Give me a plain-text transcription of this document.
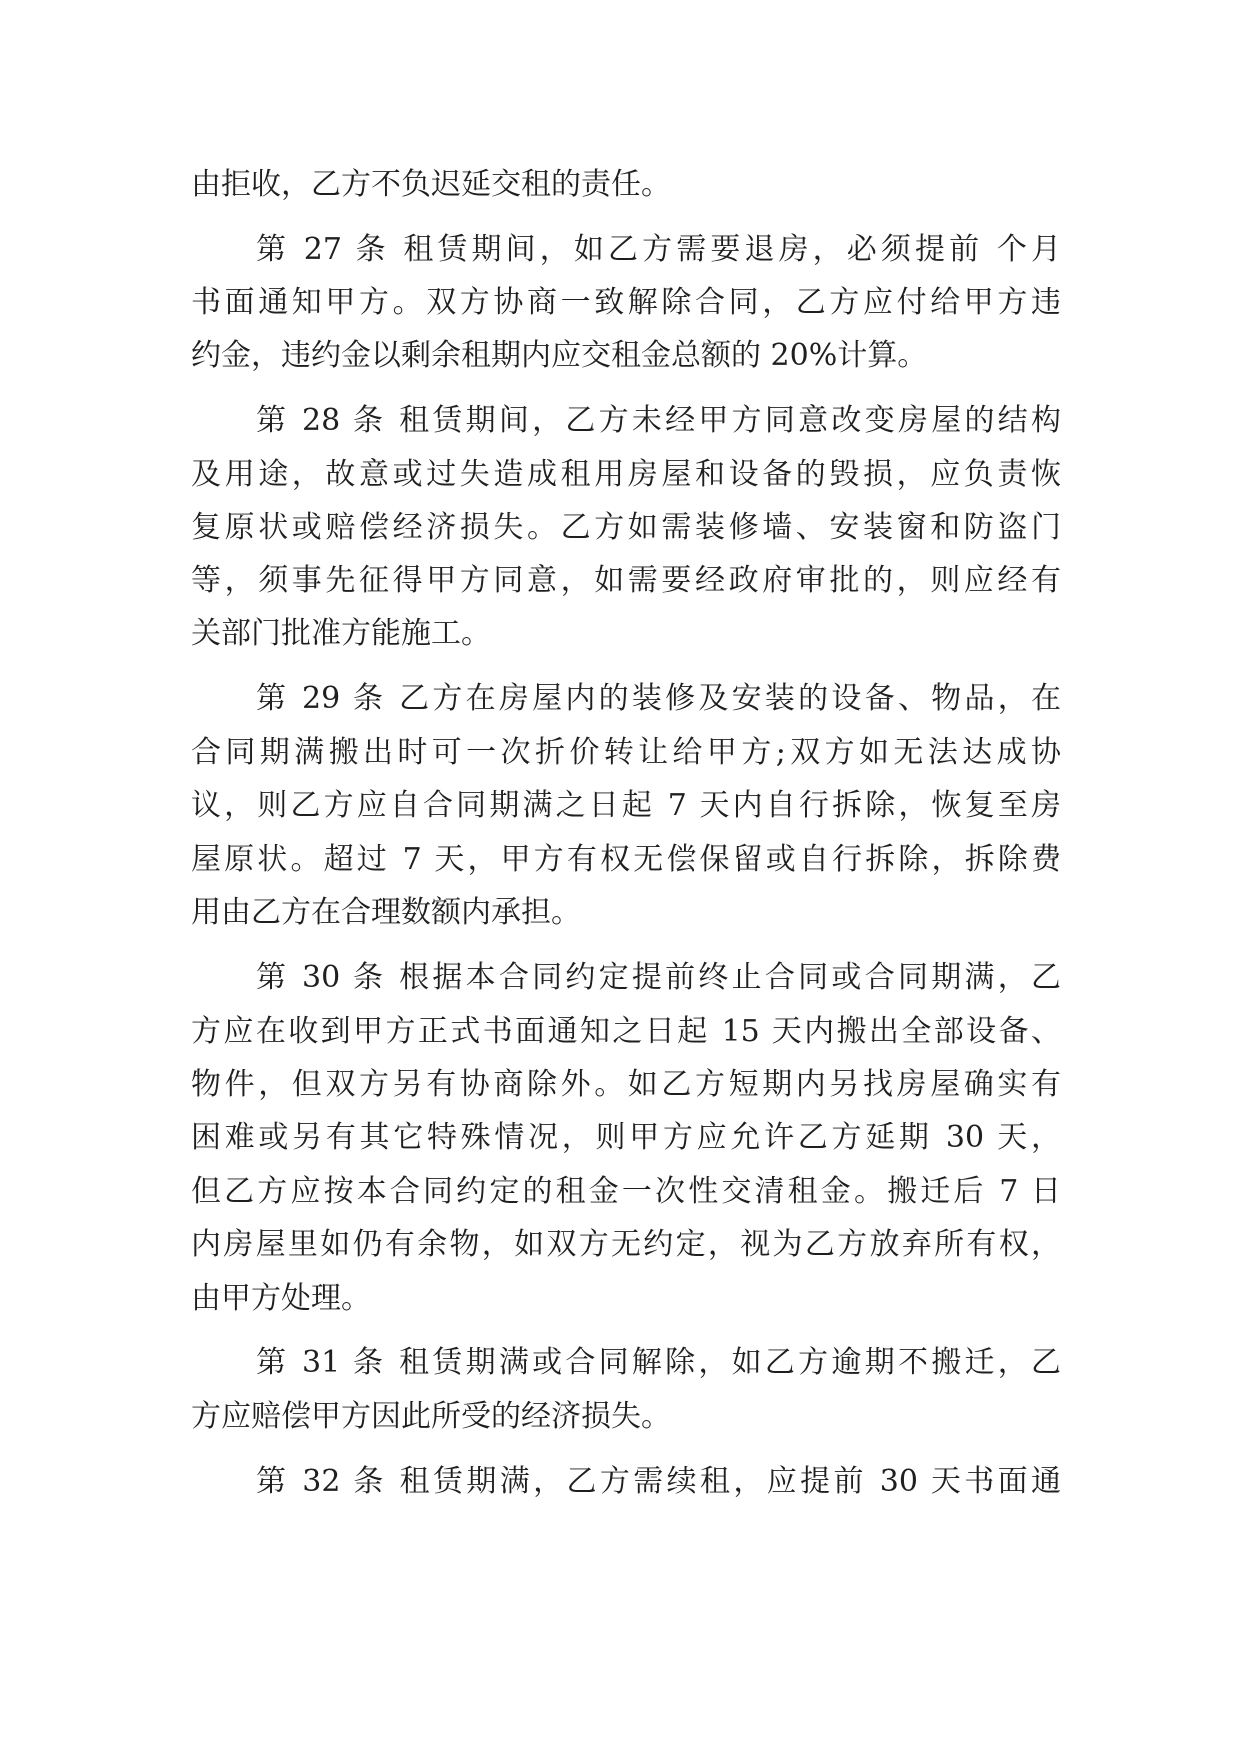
由拒收，乙方不负迟延交租的责任。

第 27 条 租赁期间，如乙方需要退房，必须提前 个月

书面通知甲方。双方协商一致解除合同，乙方应付给甲方违

约金，违约金以剩余租期内应交租金总额的 20%计算。

第 28 条 租赁期间，乙方未经甲方同意改变房屋的结构

及用途，故意或过失造成租用房屋和设备的毁损，应负责恢

复原状或赔偿经济损失。乙方如需装修墙、安装窗和防盗门

等，须事先征得甲方同意，如需要经政府审批的，则应经有

关部门批准方能施工。

第 29 条 乙方在房屋内的装修及安装的设备、物品，在

合同期满搬出时可一次折价转让给甲方;双方如无法达成协

议，则乙方应自合同期满之日起 7 天内自行拆除，恢复至房

屋原状。超过 7 天，甲方有权无偿保留或自行拆除，拆除费

用由乙方在合理数额内承担。

第 30 条 根据本合同约定提前终止合同或合同期满，乙

方应在收到甲方正式书面通知之日起 15 天内搬出全部设备、

物件，但双方另有协商除外。如乙方短期内另找房屋确实有

困难或另有其它特殊情况，则甲方应允许乙方延期 30 天，

但乙方应按本合同约定的租金一次性交清租金。搬迁后 7 日

内房屋里如仍有余物，如双方无约定，视为乙方放弃所有权，

由甲方处理。

第 31 条 租赁期满或合同解除，如乙方逾期不搬迁，乙

方应赔偿甲方因此所受的经济损失。

第 32 条 租赁期满，乙方需续租，应提前 30 天书面通
